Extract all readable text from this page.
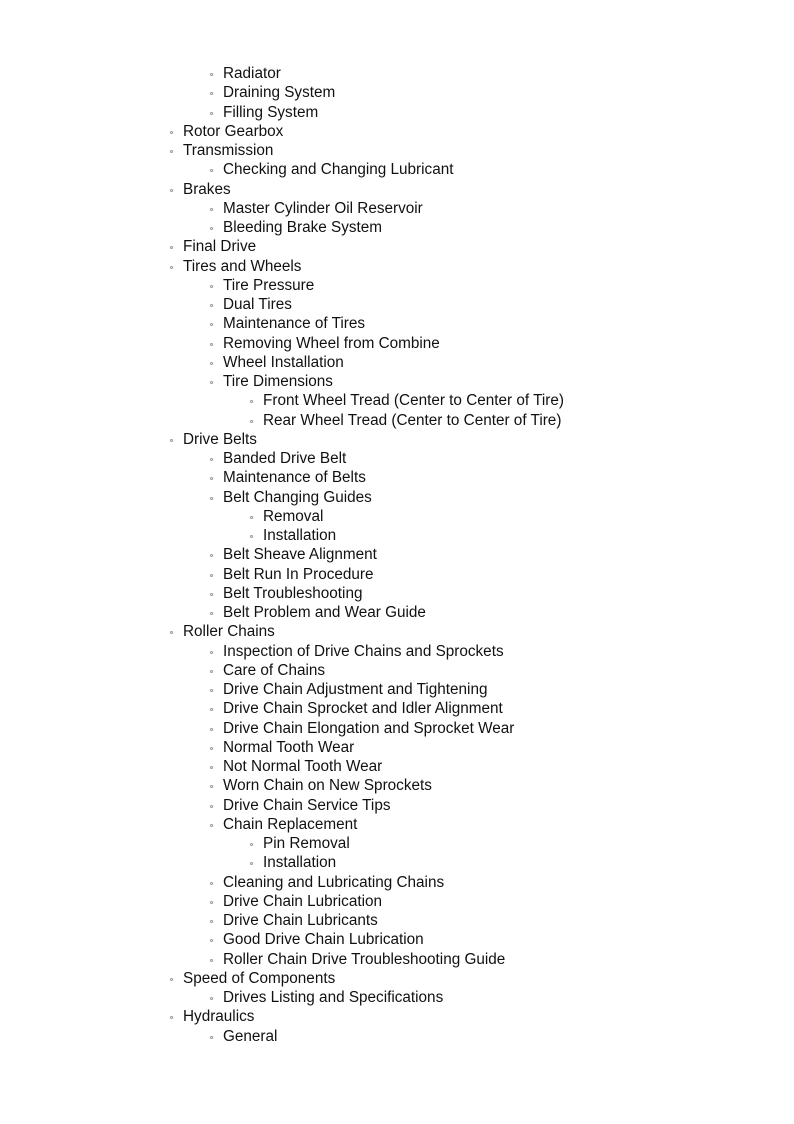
Radiator
Draining System
Filling System
Rotor Gearbox
Transmission
Checking and Changing Lubricant
Brakes
Master Cylinder Oil Reservoir
Bleeding Brake System
Final Drive
Tires and Wheels
Tire Pressure
Dual Tires
Maintenance of Tires
Removing Wheel from Combine
Wheel Installation
Tire Dimensions
Front Wheel Tread (Center to Center of Tire)
Rear Wheel Tread (Center to Center of Tire)
Drive Belts
Banded Drive Belt
Maintenance of Belts
Belt Changing Guides
Removal
Installation
Belt Sheave Alignment
Belt Run In Procedure
Belt Troubleshooting
Belt Problem and Wear Guide
Roller Chains
Inspection of Drive Chains and Sprockets
Care of Chains
Drive Chain Adjustment and Tightening
Drive Chain Sprocket and Idler Alignment
Drive Chain Elongation and Sprocket Wear
Normal Tooth Wear
Not Normal Tooth Wear
Worn Chain on New Sprockets
Drive Chain Service Tips
Chain Replacement
Pin Removal
Installation
Cleaning and Lubricating Chains
Drive Chain Lubrication
Drive Chain Lubricants
Good Drive Chain Lubrication
Roller Chain Drive Troubleshooting Guide
Speed of Components
Drives Listing and Specifications
Hydraulics
General
